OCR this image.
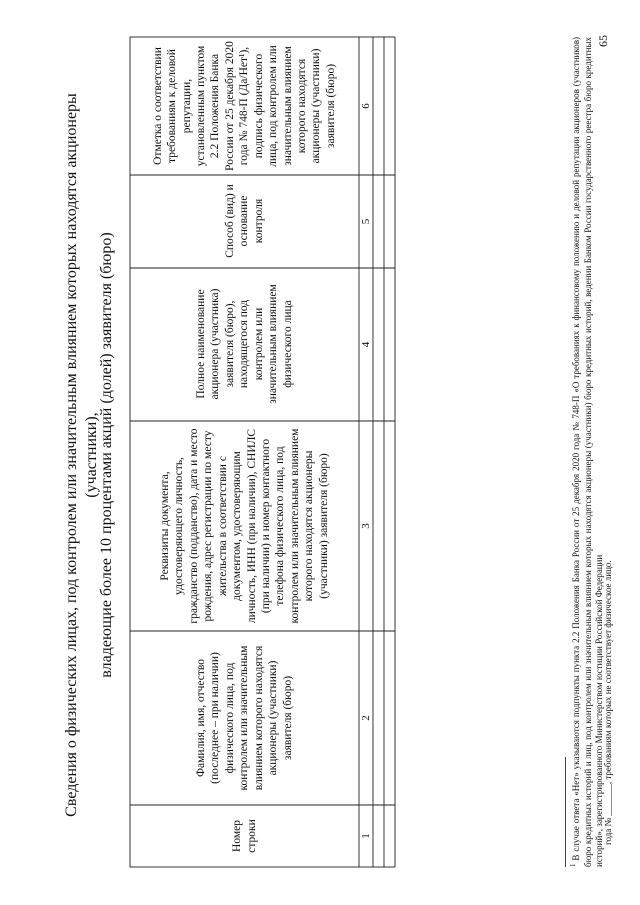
Сведения о физических лицах, под контролем или значительным влиянием которых находятся акционеры (участники),
владеющие более 10 процентами акций (долей) заявителя (бюро)
Номер строки
Фамилия, имя, отчество (последнее – при наличии) физического лица, под контролем или значительным влиянием которого находятся акционеры (участники) заявителя (бюро)
Реквизиты документа, удостоверяющего личность, гражданство (подданство), дата и место рождения, адрес регистрации по месту жительства в соответствии с документом, удостоверяющим личность, ИНН (при наличии), СНИЛС (при наличии) и номер контактного телефона физического лица, под контролем или значительным влиянием которого находятся акционеры (участники) заявителя (бюро)
Полное наименование акционера (участника) заявителя (бюро), находящегося под контролем или значительным влиянием физического лица
Способ (вид) и основание контроля
Отметка о соответствии требованиям к деловой репутации, установленным пунктом 2.2 Положения Банка России от 25 декабря 2020 года № 748-П (Да/Нет¹), подпись физического лица, под контролем или значительным влиянием которого находятся акционеры (участники) заявителя (бюро)
1
2
3
4
5
6
$^1$ В случае ответа «Нет» указываются подпункты пункта 2.2 Положения Банка России от 25 декабря 2020 года № 748-П «О требованиях к финансовому положению и деловой репутации акционеров (участников) бюро кредитных историй и лиц, под контролем или значительным влиянием которых находятся акционеры (участники) бюро кредитных историй, ведении Банком России государственного реестра бюро кредитных историй», зарегистрированного Министерством юстиции Российской Федерации
года № _______, требованиям которых не соответствует физическое лицо.
65
